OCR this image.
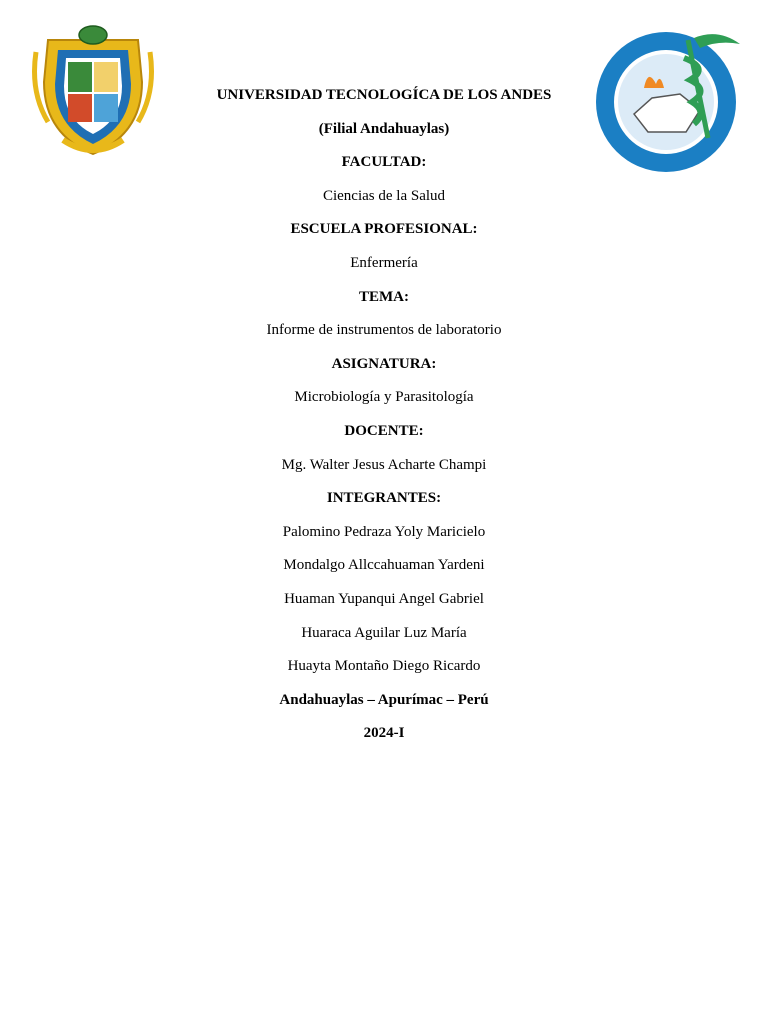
UNIVERSIDAD TECNOLOGÍCA DE LOS ANDES
(Filial Andahuaylas)
FACULTAD:
Ciencias de la Salud
ESCUELA PROFESIONAL:
Enfermería
TEMA:
Informe de instrumentos de laboratorio
ASIGNATURA:
Microbiología y Parasitología
DOCENTE:
Mg. Walter Jesus Acharte Champi
INTEGRANTES:
Palomino Pedraza Yoly Maricielo
Mondalgo Allccahuaman Yardeni
Huaman Yupanqui Angel Gabriel
Huaraca Aguilar Luz María
Huayta Montaño Diego Ricardo
Andahuaylas – Apurímac – Perú
2024-I
